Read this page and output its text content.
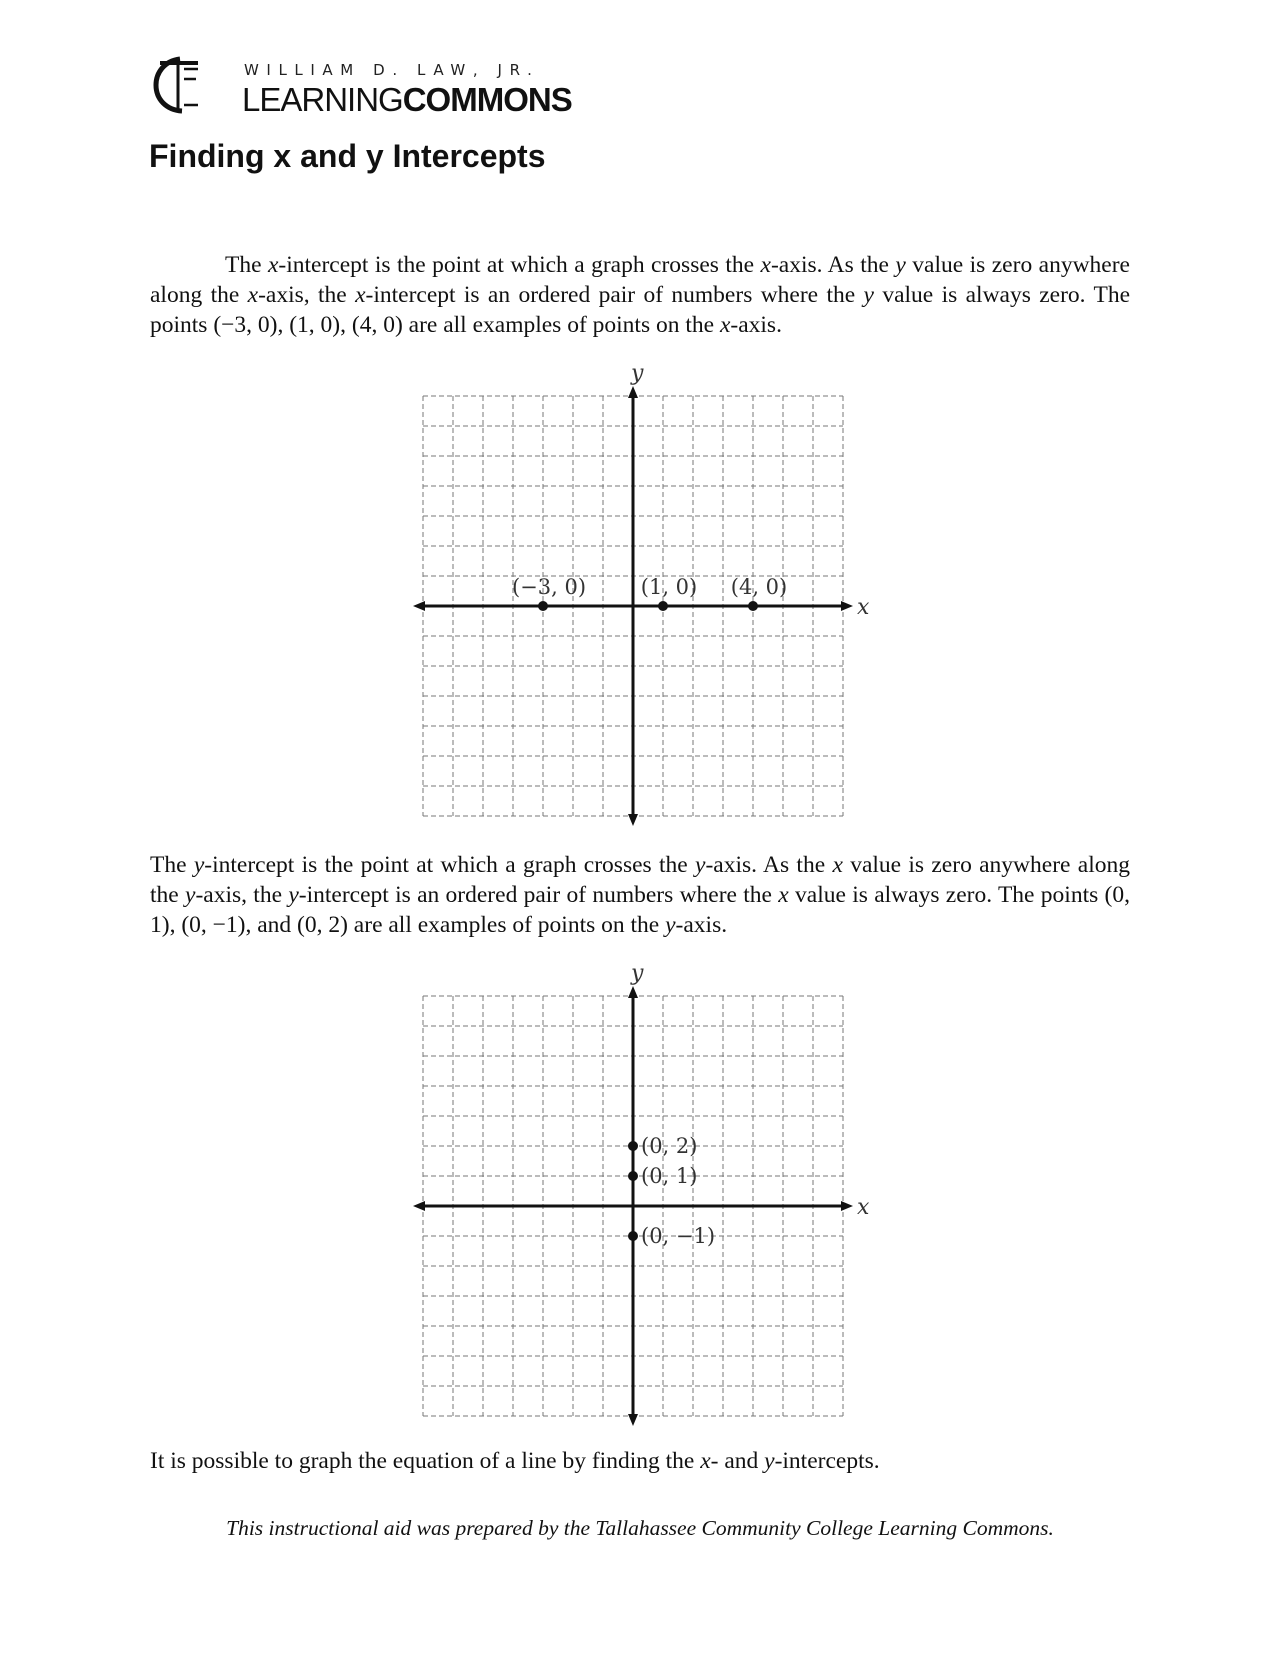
WILLIAM D. LAW, JR.
LEARNINGCOMMONS
Finding x and y Intercepts

The x-intercept is the point at which a graph crosses the x-axis. As the y value is zero anywhere along the x-axis, the x-intercept is an ordered pair of numbers where the y value is always zero. The points (−3, 0), (1, 0), (4, 0) are all examples of points on the x-axis.

x
y
(−3, 0)	(1, 0) (4, 0)

The y-intercept is the point at which a graph crosses the y-axis. As the x value is zero anywhere along the y-axis, the y-intercept is an ordered pair of numbers where the x value is always zero. The points (0, 1), (0, −1), and (0, 2) are all examples of points on the y-axis.

x
y
(0, 2)
(0, 1)
(0, −1)

It is possible to graph the equation of a line by finding the x- and y-intercepts.

This instructional aid was prepared by the Tallahassee Community College Learning Commons.
